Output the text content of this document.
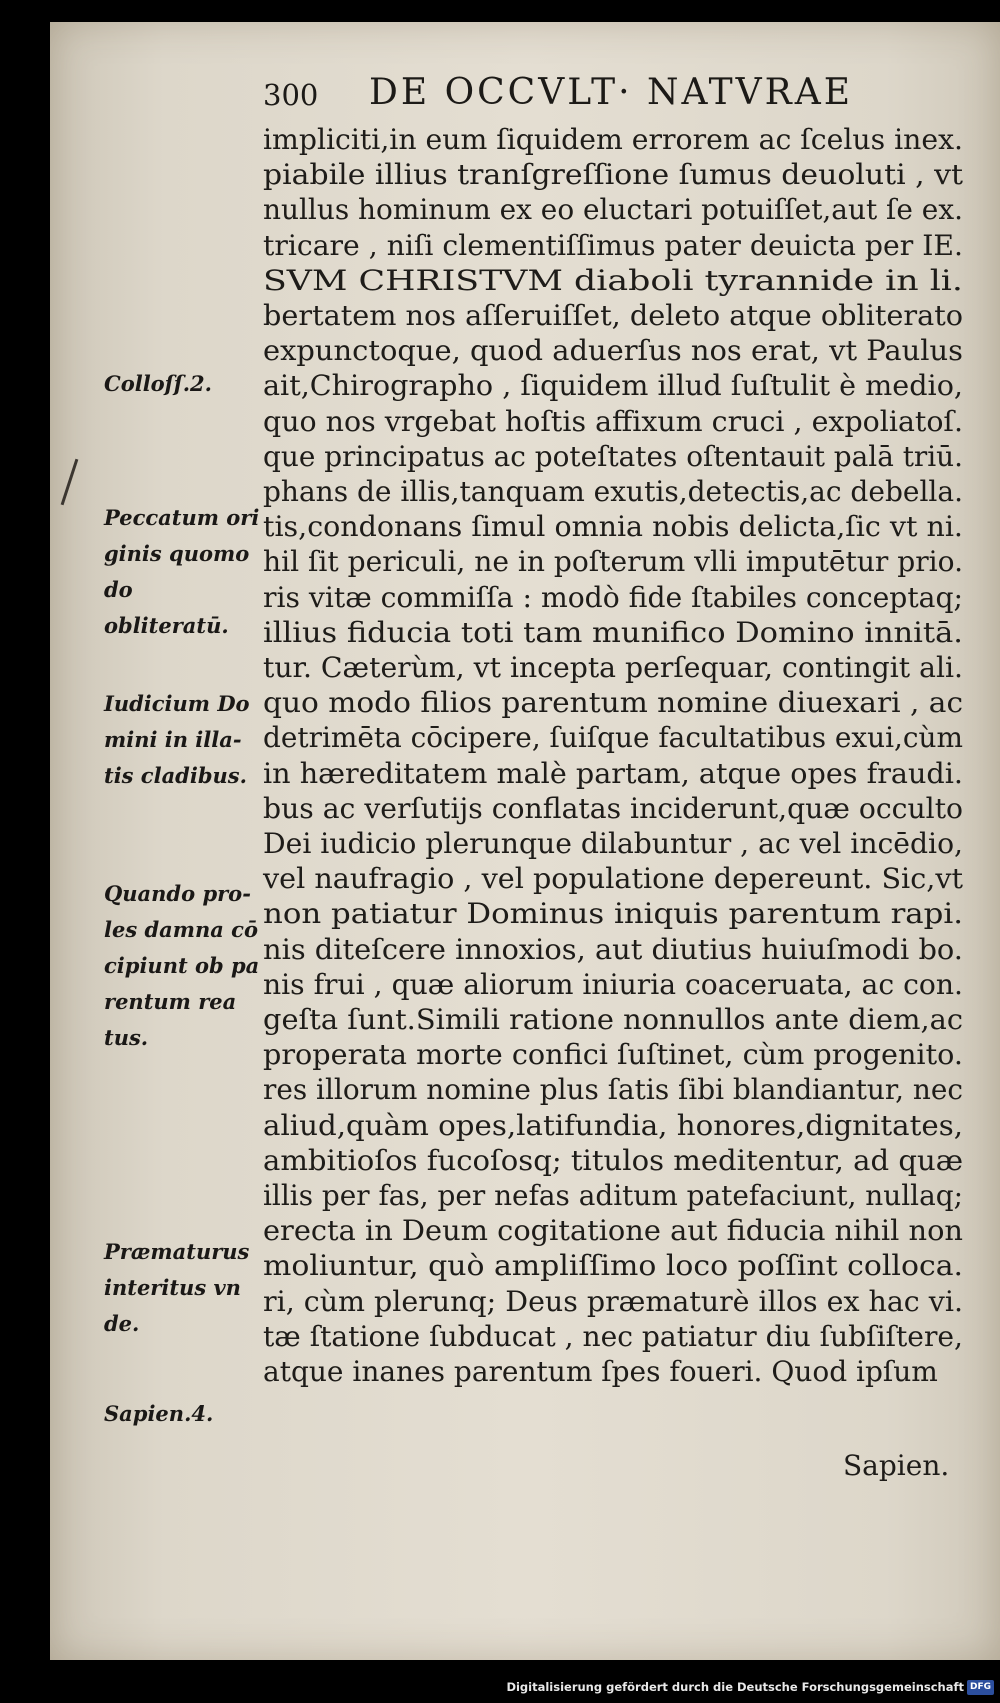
300 DE OCCVLT· NATVRAE
impliciti,in eum ſiquidem errorem ac ſcelus inex.
piabile illius tranſgreſſione ſumus deuoluti , vt
nullus hominum ex eo eluctari potuiſſet,aut ſe ex.
tricare , niſi clementiſſimus pater deuicta per IE.
SVM CHRISTVM diaboli tyrannide in li.
bertatem nos aſſeruiſſet, deleto atque obliterato
expunctoque, quod aduerſus nos erat, vt Paulus
ait,Chirographo , ſiquidem illud ſuſtulit è medio,
quo nos vrgebat hoſtis affixum cruci , expoliatoſ.
que principatus ac poteſtates oſtentauit palā triū.
phans de illis,tanquam exutis,detectis,ac debella.
tis,condonans ſimul omnia nobis delicta,ſic vt ni.
hil ſit periculi, ne in poſterum vlli imputētur prio.
ris vitæ commiſſa : modò fide ſtabiles conceptaq;
illius fiducia toti tam munifico Domino innitā.
tur. Cæterùm, vt incepta perſequar, contingit ali.
quo modo filios parentum nomine diuexari , ac
detrimēta cōcipere, ſuiſque facultatibus exui,cùm
in hæreditatem malè partam, atque opes fraudi.
bus ac verſutijs conflatas inciderunt,quæ occulto
Dei iudicio plerunque dilabuntur , ac vel incēdio,
vel naufragio , vel populatione depereunt. Sic,vt
non patiatur Dominus iniquis parentum rapi.
nis diteſcere innoxios, aut diutius huiuſmodi bo.
nis frui , quæ aliorum iniuria coaceruata, ac con.
geſta ſunt.Simili ratione nonnullos ante diem,ac
properata morte confici ſuſtinet, cùm progenito.
res illorum nomine plus ſatis ſibi blandiantur, nec
aliud,quàm opes,latifundia, honores,dignitates,
ambitioſos fucoſosq; titulos meditentur, ad quæ
illis per fas, per nefas aditum patefaciunt, nullaq;
erecta in Deum cogitatione aut fiducia nihil non
moliuntur, quò ampliſſimo loco poſſint colloca.
ri, cùm plerunq; Deus præmaturè illos ex hac vi.
tæ ſtatione ſubducat , nec patiatur diu ſubſiſtere,
atque inanes parentum ſpes foueri. Quod ipſum
Colloſſ.2.
Peccatum ori
ginis quomo
do obliteratū.
Iudicium Do
mini in illa-
tis cladibus.
Quando pro-
les damna cō
cipiunt ob pa
rentum rea
tus.
Præmaturus
interitus vn
de.
Sapien.4.
Sapien.
Digitalisierung gefördert durch die Deutsche Forschungsgemeinschaft DFG
